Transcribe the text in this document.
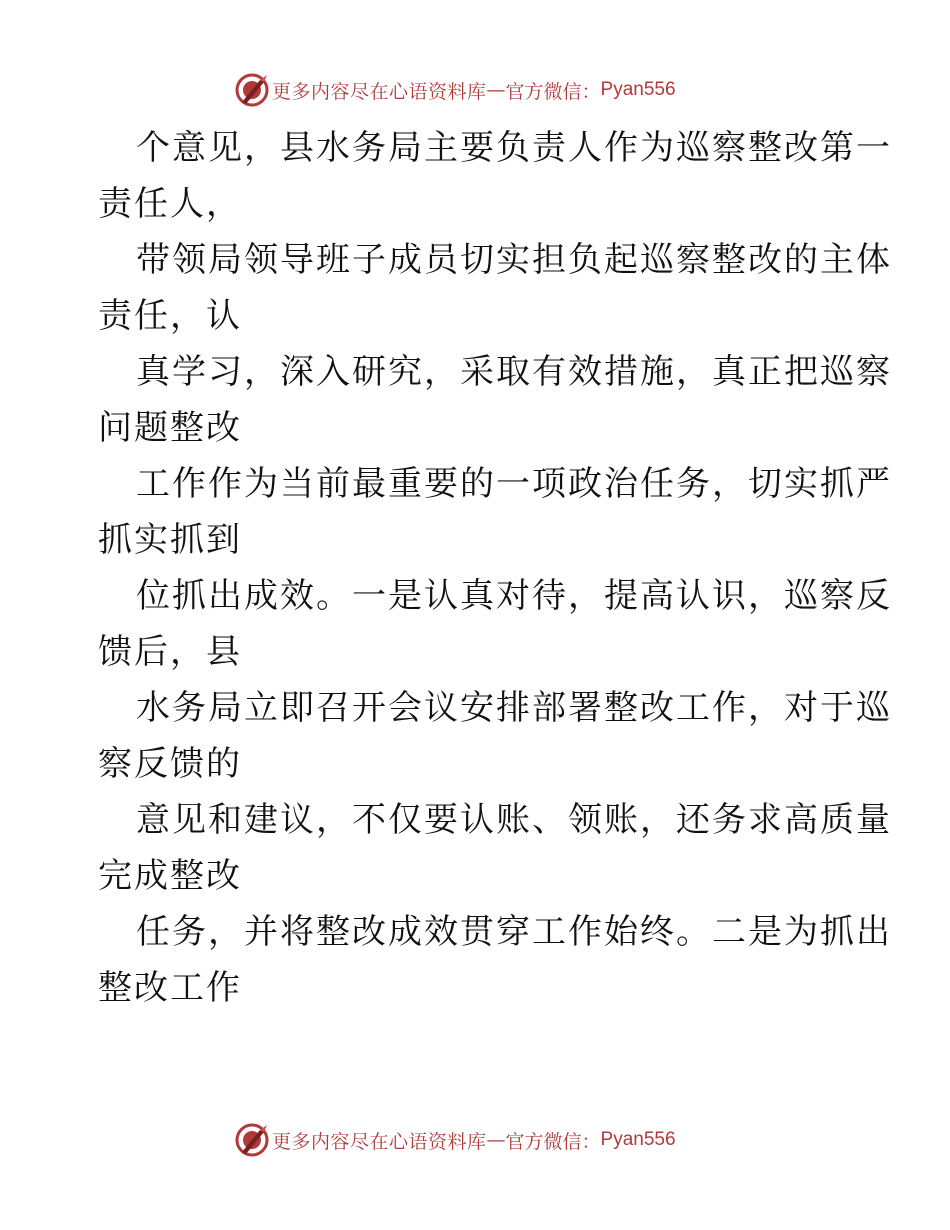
更多内容尽在心语资料库 — 官方微信： Pyan556
个意见，县水务局主要负责人作为巡察整改第一
责任人，
带领局领导班子成员切实担负起巡察整改的主体
责任，认
真学习，深入研究，采取有效措施，真正把巡察
问题整改
工作作为当前最重要的一项政治任务，切实抓严
抓实抓到
位抓出成效。一是认真对待，提高认识，巡察反
馈后，县
水务局立即召开会议安排部署整改工作，对于巡
察反馈的
意见和建议，不仅要认账、领账，还务求高质量
完成整改
任务，并将整改成效贯穿工作始终。二是为抓出
整改工作
更多内容尽在心语资料库 — 官方微信： Pyan556
